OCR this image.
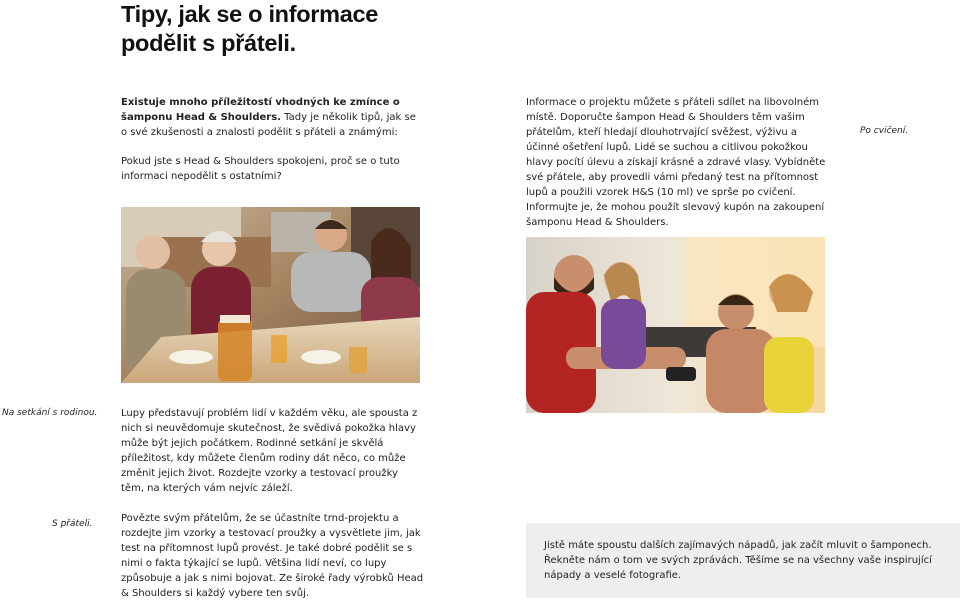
Tipy, jak se o informace podělit s přáteli.
Existuje mnoho příležitostí vhodných ke zmínce o šamponu Head & Shoulders. Tady je několik tipů, jak se o své zkušenosti a znalosti podělit s přáteli a známými:
Pokud jste s Head & Shoulders spokojeni, proč se o tuto informaci nepodělit s ostatními?
Informace o projektu můžete s přáteli sdílet na libovolném místě. Doporučte šampon Head & Shoulders těm vašim přátelům, kteří hledají dlouhotrvající svěžest, výživu a účinné ošetření lupů. Lidé se suchou a citlivou pokožkou hlavy pocítí úlevu a získají krásné a zdravé vlasy. Vybídněte své přátele, aby provedli vámi předaný test na přítomnost lupů a použili vzorek H&S (10 ml) ve sprše po cvičení. Informujte je, že mohou použít slevový kupón na zakoupení šamponu Head & Shoulders.
Po cvičení.
Na setkání s rodinou.	Lupy představují problém lidí v každém věku, ale spousta z nich si neuvědomuje skutečnost, že svědivá pokožka hlavy může být jejich počátkem. Rodinné setkání je skvělá příležitost, kdy můžete členům rodiny dát něco, co může změnit jejich život. Rozdejte vzorky a testovací proužky těm, na kterých vám nejvíc záleží.
S přáteli.	Povězte svým přátelům, že se účastníte trnd-projektu a rozdejte jim vzorky a testovací proužky a vysvětlete jim, jak test na přítomnost lupů provést. Je také dobré podělit se s nimi o fakta týkající se lupů. Většina lidí neví, co lupy způsobuje a jak s nimi bojovat. Ze široké řady výrobků Head & Shoulders si každý vybere ten svůj.
Jistě máte spoustu dalších zajímavých nápadů, jak začít mluvit o šamponech. Řekněte nám o tom ve svých zprávách. Těšíme se na všechny vaše inspirující nápady a veselé fotografie.
